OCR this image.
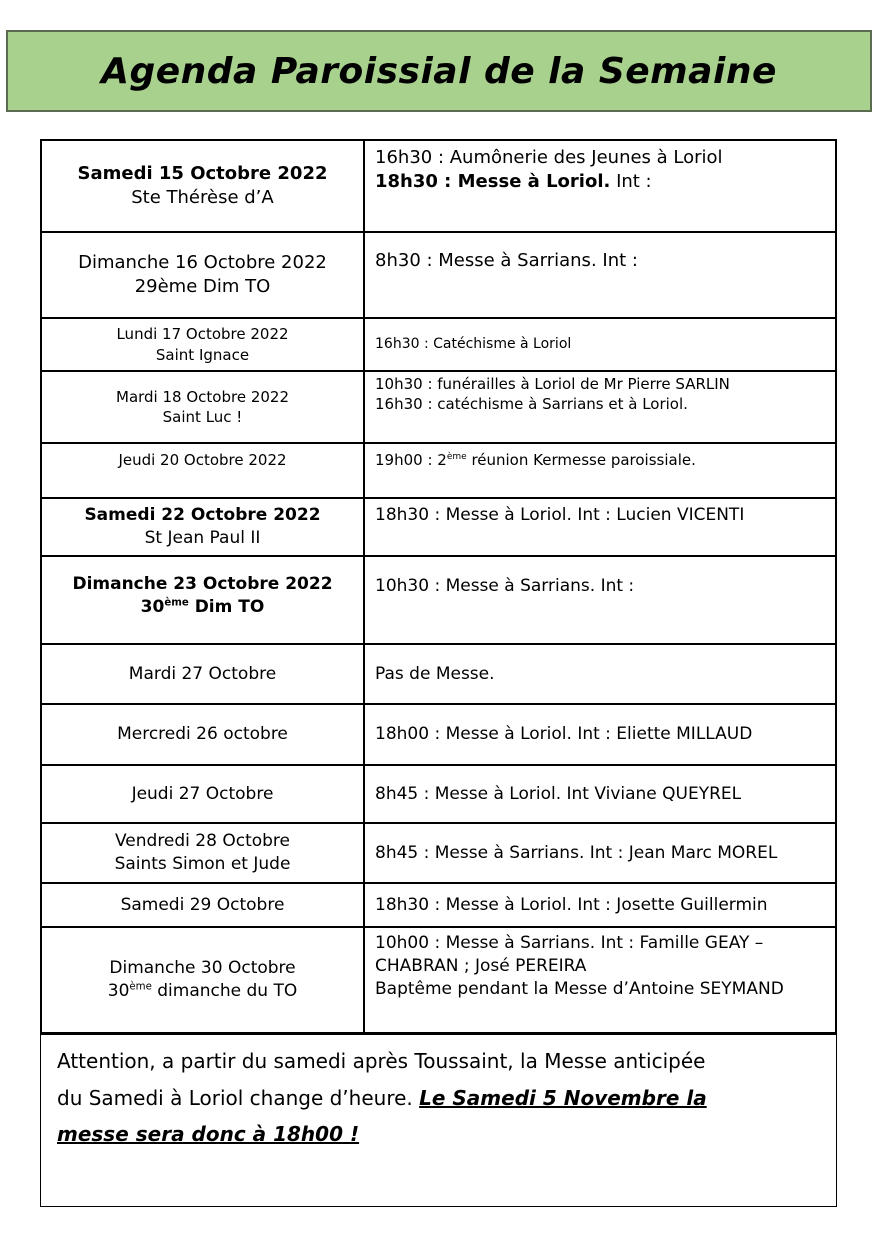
Agenda Paroissial de la Semaine
Samedi 15 Octobre 2022
Ste Thérèse d’A	16h30 : Aumônerie des Jeunes à Loriol
18h30 : Messe à Loriol. Int :

Dimanche 16 Octobre 2022
29ème Dim TO	8h30 : Messe à Sarrians. Int :

Lundi 17 Octobre 2022
Saint Ignace	16h30 : Catéchisme à Loriol

Mardi 18 Octobre 2022
Saint Luc !	10h30 : funérailles à Loriol de Mr Pierre SARLIN
16h30 : catéchisme à Sarrians et à Loriol.

Jeudi 20 Octobre 2022	19h00 : 2ème réunion Kermesse paroissiale.

Samedi 22 Octobre 2022
St Jean Paul II	18h30 : Messe à Loriol. Int : Lucien VICENTI

Dimanche 23 Octobre 2022
30ème Dim TO	10h30 : Messe à Sarrians. Int :

Mardi 27 Octobre	Pas de Messe.

Mercredi 26 octobre	18h00 : Messe à Loriol. Int : Eliette MILLAUD

Jeudi 27 Octobre	8h45 : Messe à Loriol. Int Viviane QUEYREL

Vendredi 28 Octobre
Saints Simon et Jude	8h45 : Messe à Sarrians. Int : Jean Marc MOREL

Samedi 29 Octobre	18h30 : Messe à Loriol. Int : Josette Guillermin

Dimanche 30 Octobre
30ème dimanche du TO	10h00 : Messe à Sarrians. Int : Famille GEAY –
CHABRAN ; José PEREIRA
Baptême pendant la Messe d’Antoine SEYMAND
Attention, a partir du samedi après Toussaint, la Messe anticipée
du Samedi à Loriol change d’heure. Le Samedi 5 Novembre la
messe sera donc à 18h00 !
